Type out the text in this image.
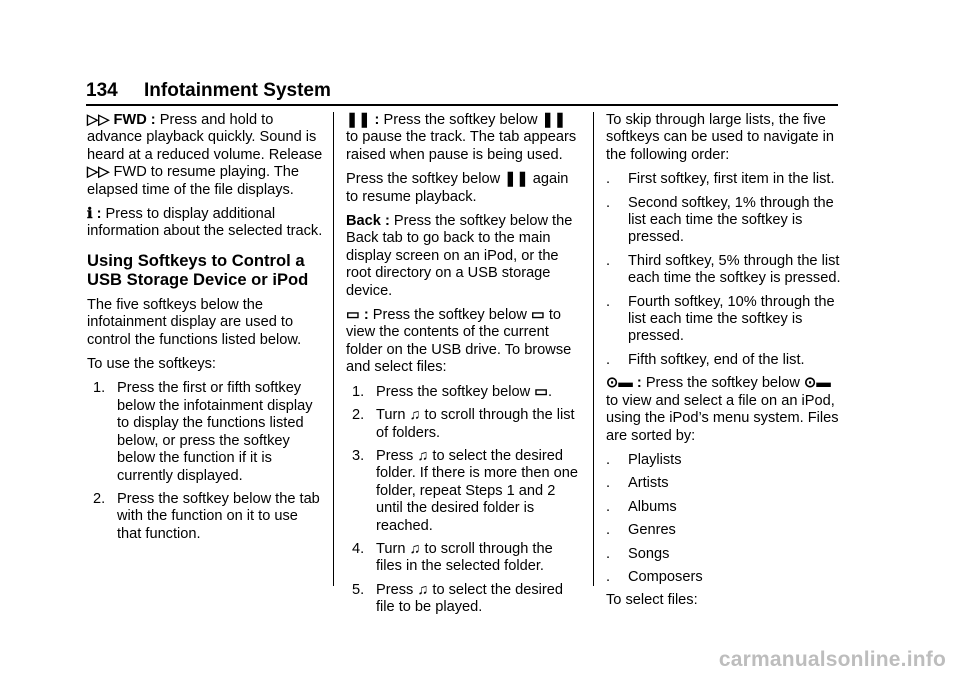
134 Infotainment System

▷▷ FWD : Press and hold to advance playback quickly. Sound is heard at a reduced volume. Release
▷▷ FWD to resume playing. The elapsed time of the file displays.

ℹ : Press to display additional information about the selected track.

Using Softkeys to Control a USB Storage Device or iPod

The five softkeys below the infotainment display are used to control the functions listed below.

To use the softkeys:

1. Press the first or fifth softkey below the infotainment display to display the functions listed below, or press the softkey below the function if it is currently displayed.
2. Press the softkey below the tab with the function on it to use that function.

❚❚ : Press the softkey below ❚❚ to pause the track. The tab appears raised when pause is being used.

Press the softkey below ❚❚ again to resume playback.

Back : Press the softkey below the Back tab to go back to the main display screen on an iPod, or the root directory on a USB storage device.

▭ : Press the softkey below ▭ to view the contents of the current folder on the USB drive. To browse and select files:

1. Press the softkey below ▭.
2. Turn ♫ to scroll through the list of folders.
3. Press ♫ to select the desired folder. If there is more then one folder, repeat Steps 1 and 2 until the desired folder is reached.
4. Turn ♫ to scroll through the files in the selected folder.
5. Press ♫ to select the desired file to be played.

To skip through large lists, the five softkeys can be used to navigate in the following order:

. First softkey, first item in the list.
. Second softkey, 1% through the list each time the softkey is pressed.
. Third softkey, 5% through the list each time the softkey is pressed.
. Fourth softkey, 10% through the list each time the softkey is pressed.
. Fifth softkey, end of the list.

⊙▬ : Press the softkey below ⊙▬ to view and select a file on an iPod, using the iPod’s menu system. Files are sorted by:

. Playlists
. Artists
. Albums
. Genres
. Songs
. Composers

To select files:

carmanualsonline.info
